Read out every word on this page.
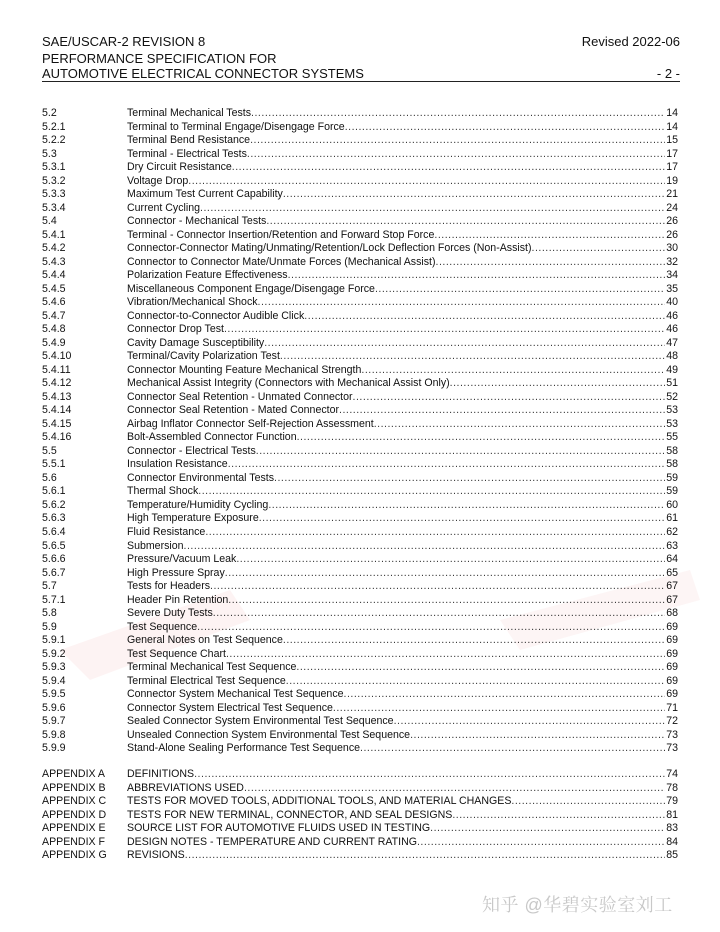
SAE/USCAR-2 REVISION 8	Revised 2022-06
PERFORMANCE SPECIFICATION FOR
AUTOMOTIVE ELECTRICAL CONNECTOR SYSTEMS	- 2 -
5.2	Terminal Mechanical Tests .....	14
5.2.1	Terminal to Terminal Engage/Disengage Force .....	14
5.2.2	Terminal Bend Resistance .....	15
5.3	Terminal - Electrical Tests .....	17
5.3.1	Dry Circuit Resistance .....	17
5.3.2	Voltage Drop .....	19
5.3.3	Maximum Test Current Capability .....	21
5.3.4	Current Cycling .....	24
5.4	Connector - Mechanical Tests .....	26
5.4.1	Terminal - Connector Insertion/Retention and Forward Stop Force .....	26
5.4.2	Connector-Connector Mating/Unmating/Retention/Lock Deflection Forces (Non-Assist) .....	30
5.4.3	Connector to Connector Mate/Unmate Forces (Mechanical Assist) .....	32
5.4.4	Polarization Feature Effectiveness .....	34
5.4.5	Miscellaneous Component Engage/Disengage Force .....	35
5.4.6	Vibration/Mechanical Shock .....	40
5.4.7	Connector-to-Connector Audible Click .....	46
5.4.8	Connector Drop Test .....	46
5.4.9	Cavity Damage Susceptibility .....	47
5.4.10	Terminal/Cavity Polarization Test .....	48
5.4.11	Connector Mounting Feature Mechanical Strength .....	49
5.4.12	Mechanical Assist Integrity (Connectors with Mechanical Assist Only) .....	51
5.4.13	Connector Seal Retention - Unmated Connector .....	52
5.4.14	Connector Seal Retention - Mated Connector .....	53
5.4.15	Airbag Inflator Connector Self-Rejection Assessment .....	53
5.4.16	Bolt-Assembled Connector Function .....	55
5.5	Connector - Electrical Tests .....	58
5.5.1	Insulation Resistance .....	58
5.6	Connector Environmental Tests .....	59
5.6.1	Thermal Shock .....	59
5.6.2	Temperature/Humidity Cycling .....	60
5.6.3	High Temperature Exposure .....	61
5.6.4	Fluid Resistance .....	62
5.6.5	Submersion .....	63
5.6.6	Pressure/Vacuum Leak .....	64
5.6.7	High Pressure Spray .....	65
5.7	Tests for Headers .....	67
5.7.1	Header Pin Retention .....	67
5.8	Severe Duty Tests .....	68
5.9	Test Sequence .....	69
5.9.1	General Notes on Test Sequence .....	69
5.9.2	Test Sequence Chart .....	69
5.9.3	Terminal Mechanical Test Sequence .....	69
5.9.4	Terminal Electrical Test Sequence .....	69
5.9.5	Connector System Mechanical Test Sequence .....	69
5.9.6	Connector System Electrical Test Sequence .....	71
5.9.7	Sealed Connector System Environmental Test Sequence .....	72
5.9.8	Unsealed Connection System Environmental Test Sequence .....	73
5.9.9	Stand-Alone Sealing Performance Test Sequence .....	73
APPENDIX A DEFINITIONS .....	74
APPENDIX B ABBREVIATIONS USED .....	78
APPENDIX C TESTS FOR MOVED TOOLS, ADDITIONAL TOOLS, AND MATERIAL CHANGES .....	79
APPENDIX D TESTS FOR NEW TERMINAL, CONNECTOR, AND SEAL DESIGNS .....	81
APPENDIX E SOURCE LIST FOR AUTOMOTIVE FLUIDS USED IN TESTING .....	83
APPENDIX F DESIGN NOTES - TEMPERATURE AND CURRENT RATING .....	84
APPENDIX G REVISIONS .....	85
知乎 @华碧实验室刘工
